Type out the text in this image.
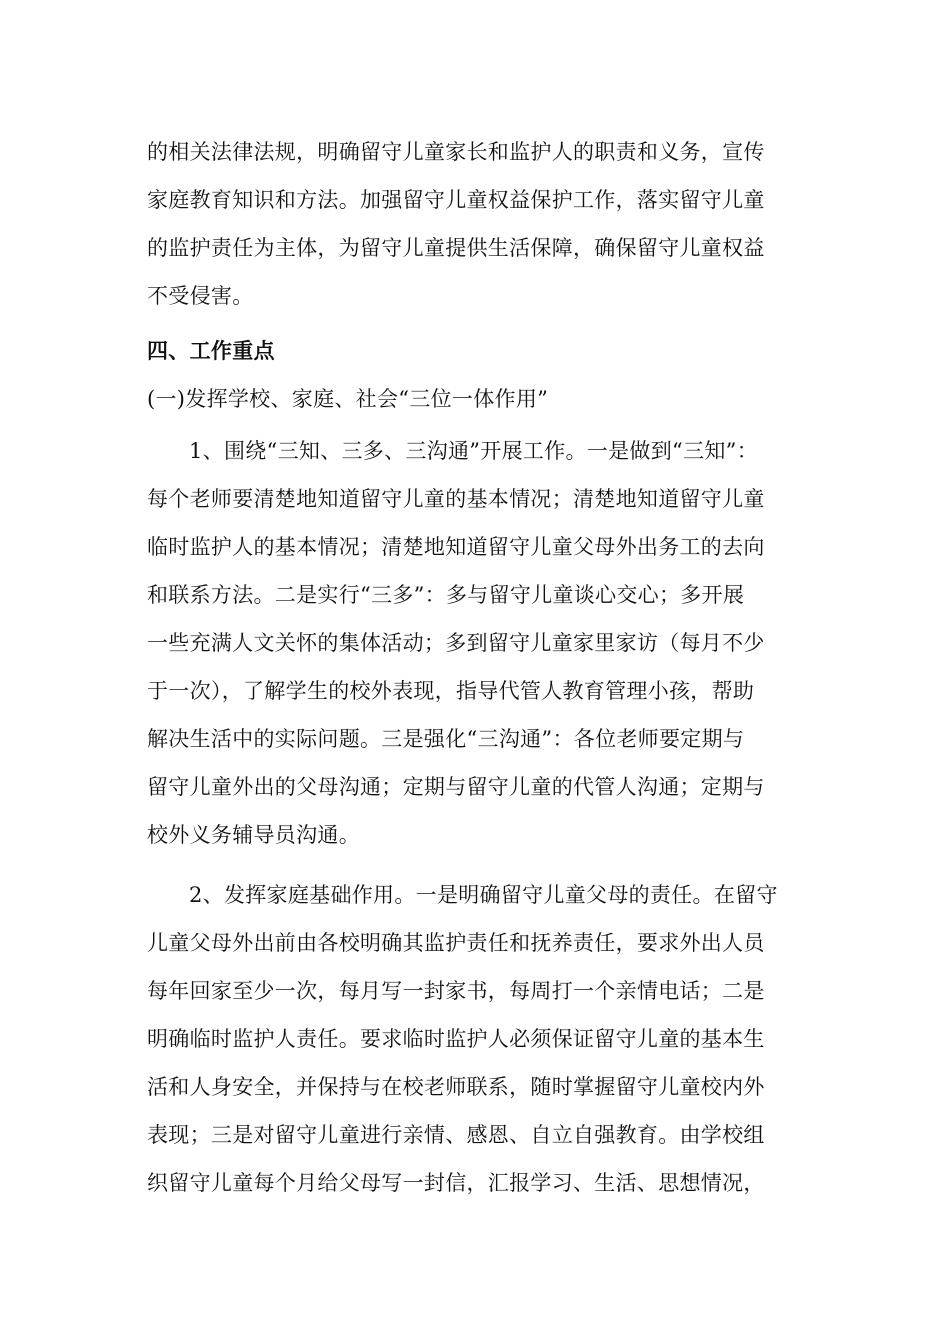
的相关法律法规，明确留守儿童家长和监护人的职责和义务，宣传
家庭教育知识和方法。加强留守儿童权益保护工作，落实留守儿童
的监护责任为主体，为留守儿童提供生活保障，确保留守儿童权益
不受侵害。
四、工作重点
(一)发挥学校、家庭、社会“三位一体作用”
1、围绕“三知、三多、三沟通”开展工作。一是做到“三知”：
每个老师要清楚地知道留守儿童的基本情况；清楚地知道留守儿童
临时监护人的基本情况；清楚地知道留守儿童父母外出务工的去向
和联系方法。二是实行“三多”：多与留守儿童谈心交心；多开展
一些充满人文关怀的集体活动；多到留守儿童家里家访（每月不少
于一次），了解学生的校外表现，指导代管人教育管理小孩，帮助
解决生活中的实际问题。三是强化“三沟通”：各位老师要定期与
留守儿童外出的父母沟通；定期与留守儿童的代管人沟通；定期与
校外义务辅导员沟通。
2、发挥家庭基础作用。一是明确留守儿童父母的责任。在留守
儿童父母外出前由各校明确其监护责任和抚养责任，要求外出人员
每年回家至少一次，每月写一封家书，每周打一个亲情电话；二是
明确临时监护人责任。要求临时监护人必须保证留守儿童的基本生
活和人身安全，并保持与在校老师联系，随时掌握留守儿童校内外
表现；三是对留守儿童进行亲情、感恩、自立自强教育。由学校组
织留守儿童每个月给父母写一封信，汇报学习、生活、思想情况，
